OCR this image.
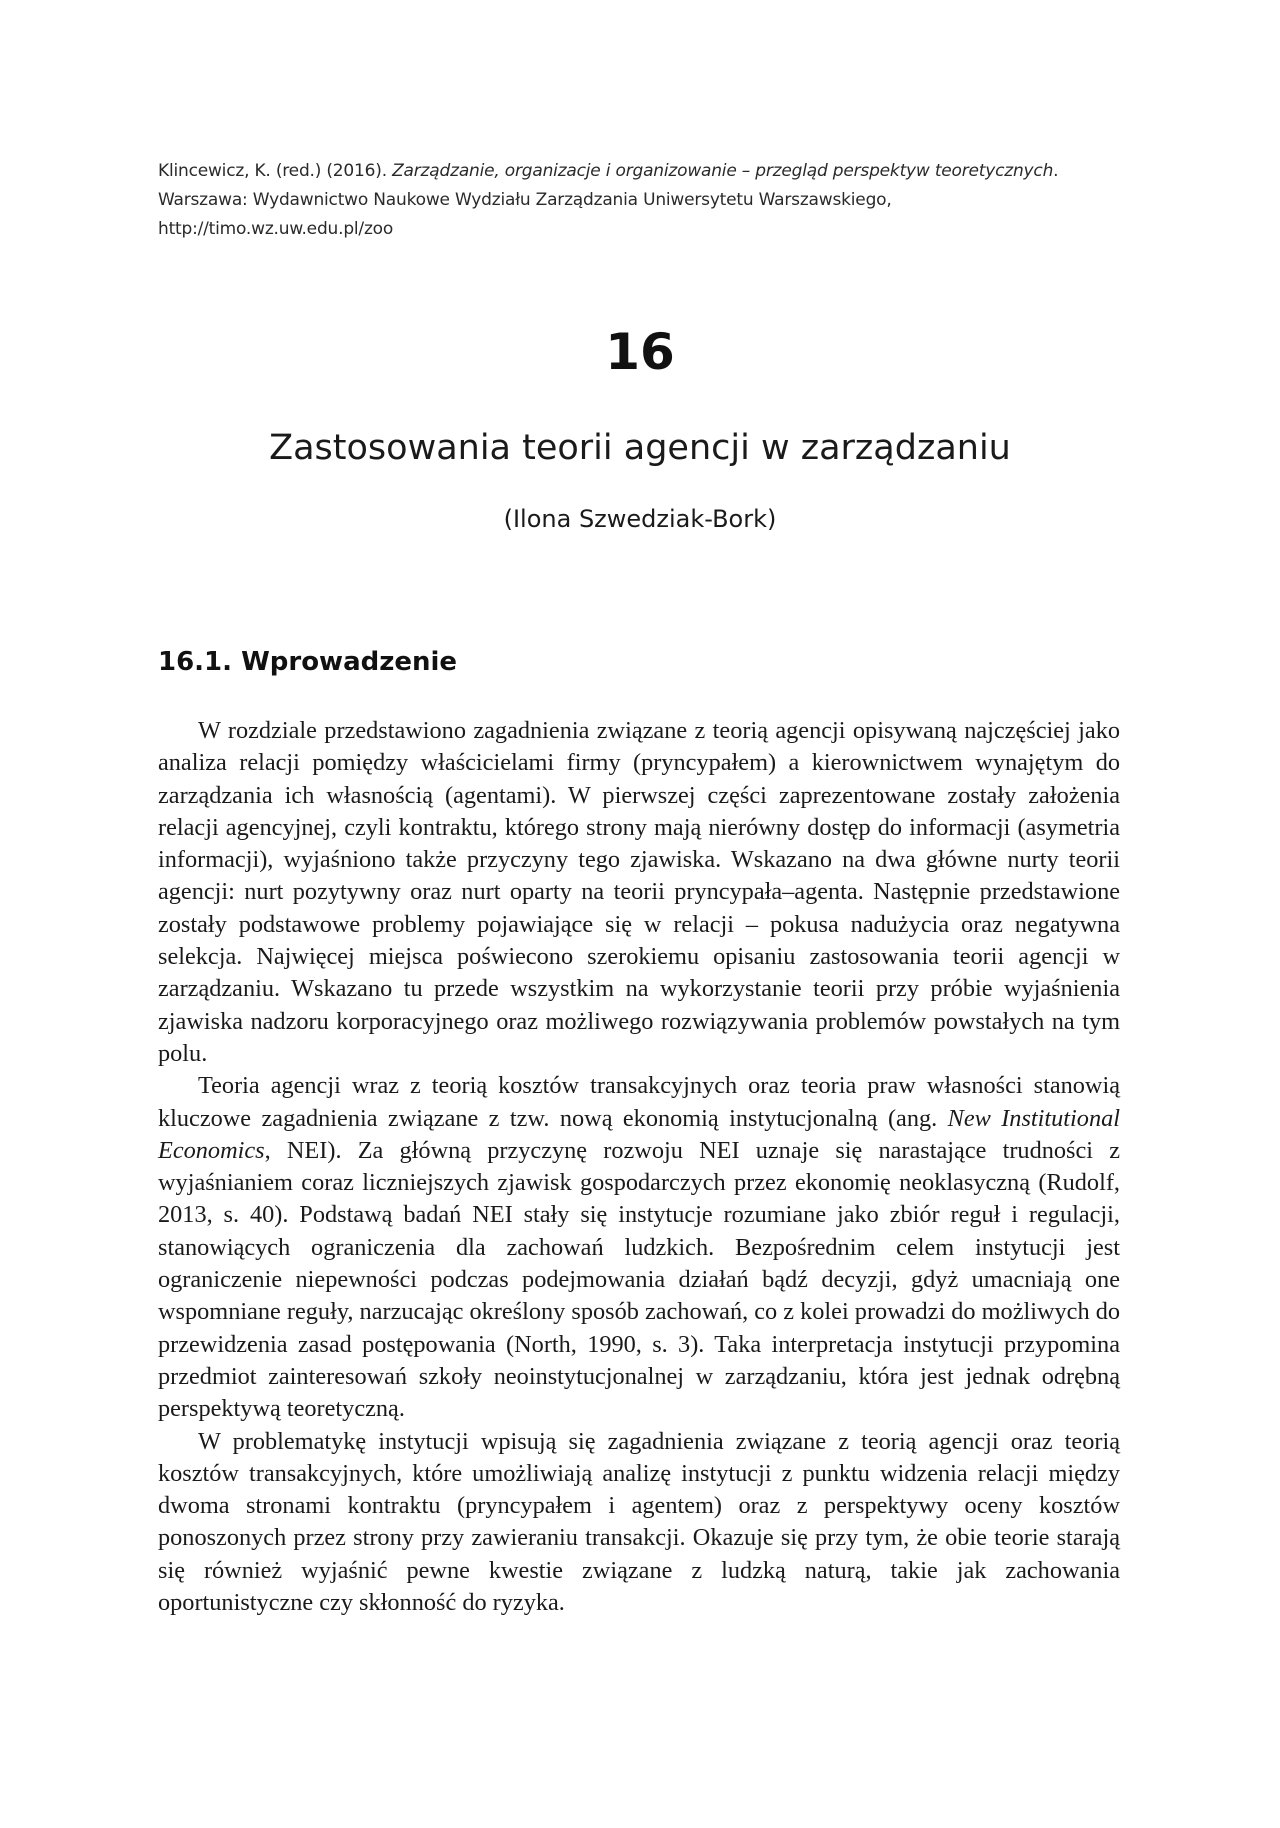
Klincewicz, K. (red.) (2016). Zarządzanie, organizacje i organizowanie – przegląd perspektyw teoretycznych. Warszawa: Wydawnictwo Naukowe Wydziału Zarządzania Uniwersytetu Warszawskiego, http://timo.wz.uw.edu.pl/zoo
16
Zastosowania teorii agencji w zarządzaniu
(Ilona Szwedziak-Bork)
16.1. Wprowadzenie

W rozdziale przedstawiono zagadnienia związane z teorią agencji opisywaną najczęściej jako analiza relacji pomiędzy właścicielami firmy (pryncypałem) a kierownictwem wynajętym do zarządzania ich własnością (agentami). W pierwszej części zaprezentowane zostały założenia relacji agencyjnej, czyli kontraktu, którego strony mają nierówny dostęp do informacji (asymetria informacji), wyjaśniono także przyczyny tego zjawiska. Wskazano na dwa główne nurty teorii agencji: nurt pozytywny oraz nurt oparty na teorii pryncypała–agenta. Następnie przedstawione zostały podstawowe problemy pojawiające się w relacji – pokusa nadużycia oraz negatywna selekcja. Najwięcej miejsca poświecono szerokiemu opisaniu zastosowania teorii agencji w zarządzaniu. Wskazano tu przede wszystkim na wykorzystanie teorii przy próbie wyjaśnienia zjawiska nadzoru korporacyjnego oraz możliwego rozwiązywania problemów powstałych na tym polu.

Teoria agencji wraz z teorią kosztów transakcyjnych oraz teoria praw własności stanowią kluczowe zagadnienia związane z tzw. nową ekonomią instytucjonalną (ang. New Institutional Economics, NEI). Za główną przyczynę rozwoju NEI uznaje się narastające trudności z wyjaśnianiem coraz liczniejszych zjawisk gospodarczych przez ekonomię neoklasyczną (Rudolf, 2013, s. 40). Podstawą badań NEI stały się instytucje rozumiane jako zbiór reguł i regulacji, stanowiących ograniczenia dla zachowań ludzkich. Bezpośrednim celem instytucji jest ograniczenie niepewności podczas podejmowania działań bądź decyzji, gdyż umacniają one wspomniane reguły, narzucając określony sposób zachowań, co z kolei prowadzi do możliwych do przewidzenia zasad postępowania (North, 1990, s. 3). Taka interpretacja instytucji przypomina przedmiot zainteresowań szkoły neoinstytucjonalnej w zarządzaniu, która jest jednak odrębną perspektywą teoretyczną.

W problematykę instytucji wpisują się zagadnienia związane z teorią agencji oraz teorią kosztów transakcyjnych, które umożliwiają analizę instytucji z punktu widzenia relacji między dwoma stronami kontraktu (pryncypałem i agentem) oraz z perspektywy oceny kosztów ponoszonych przez strony przy zawieraniu transakcji. Okazuje się przy tym, że obie teorie starają się również wyjaśnić pewne kwestie związane z ludzką naturą, takie jak zachowania oportunistyczne czy skłonność do ryzyka.
